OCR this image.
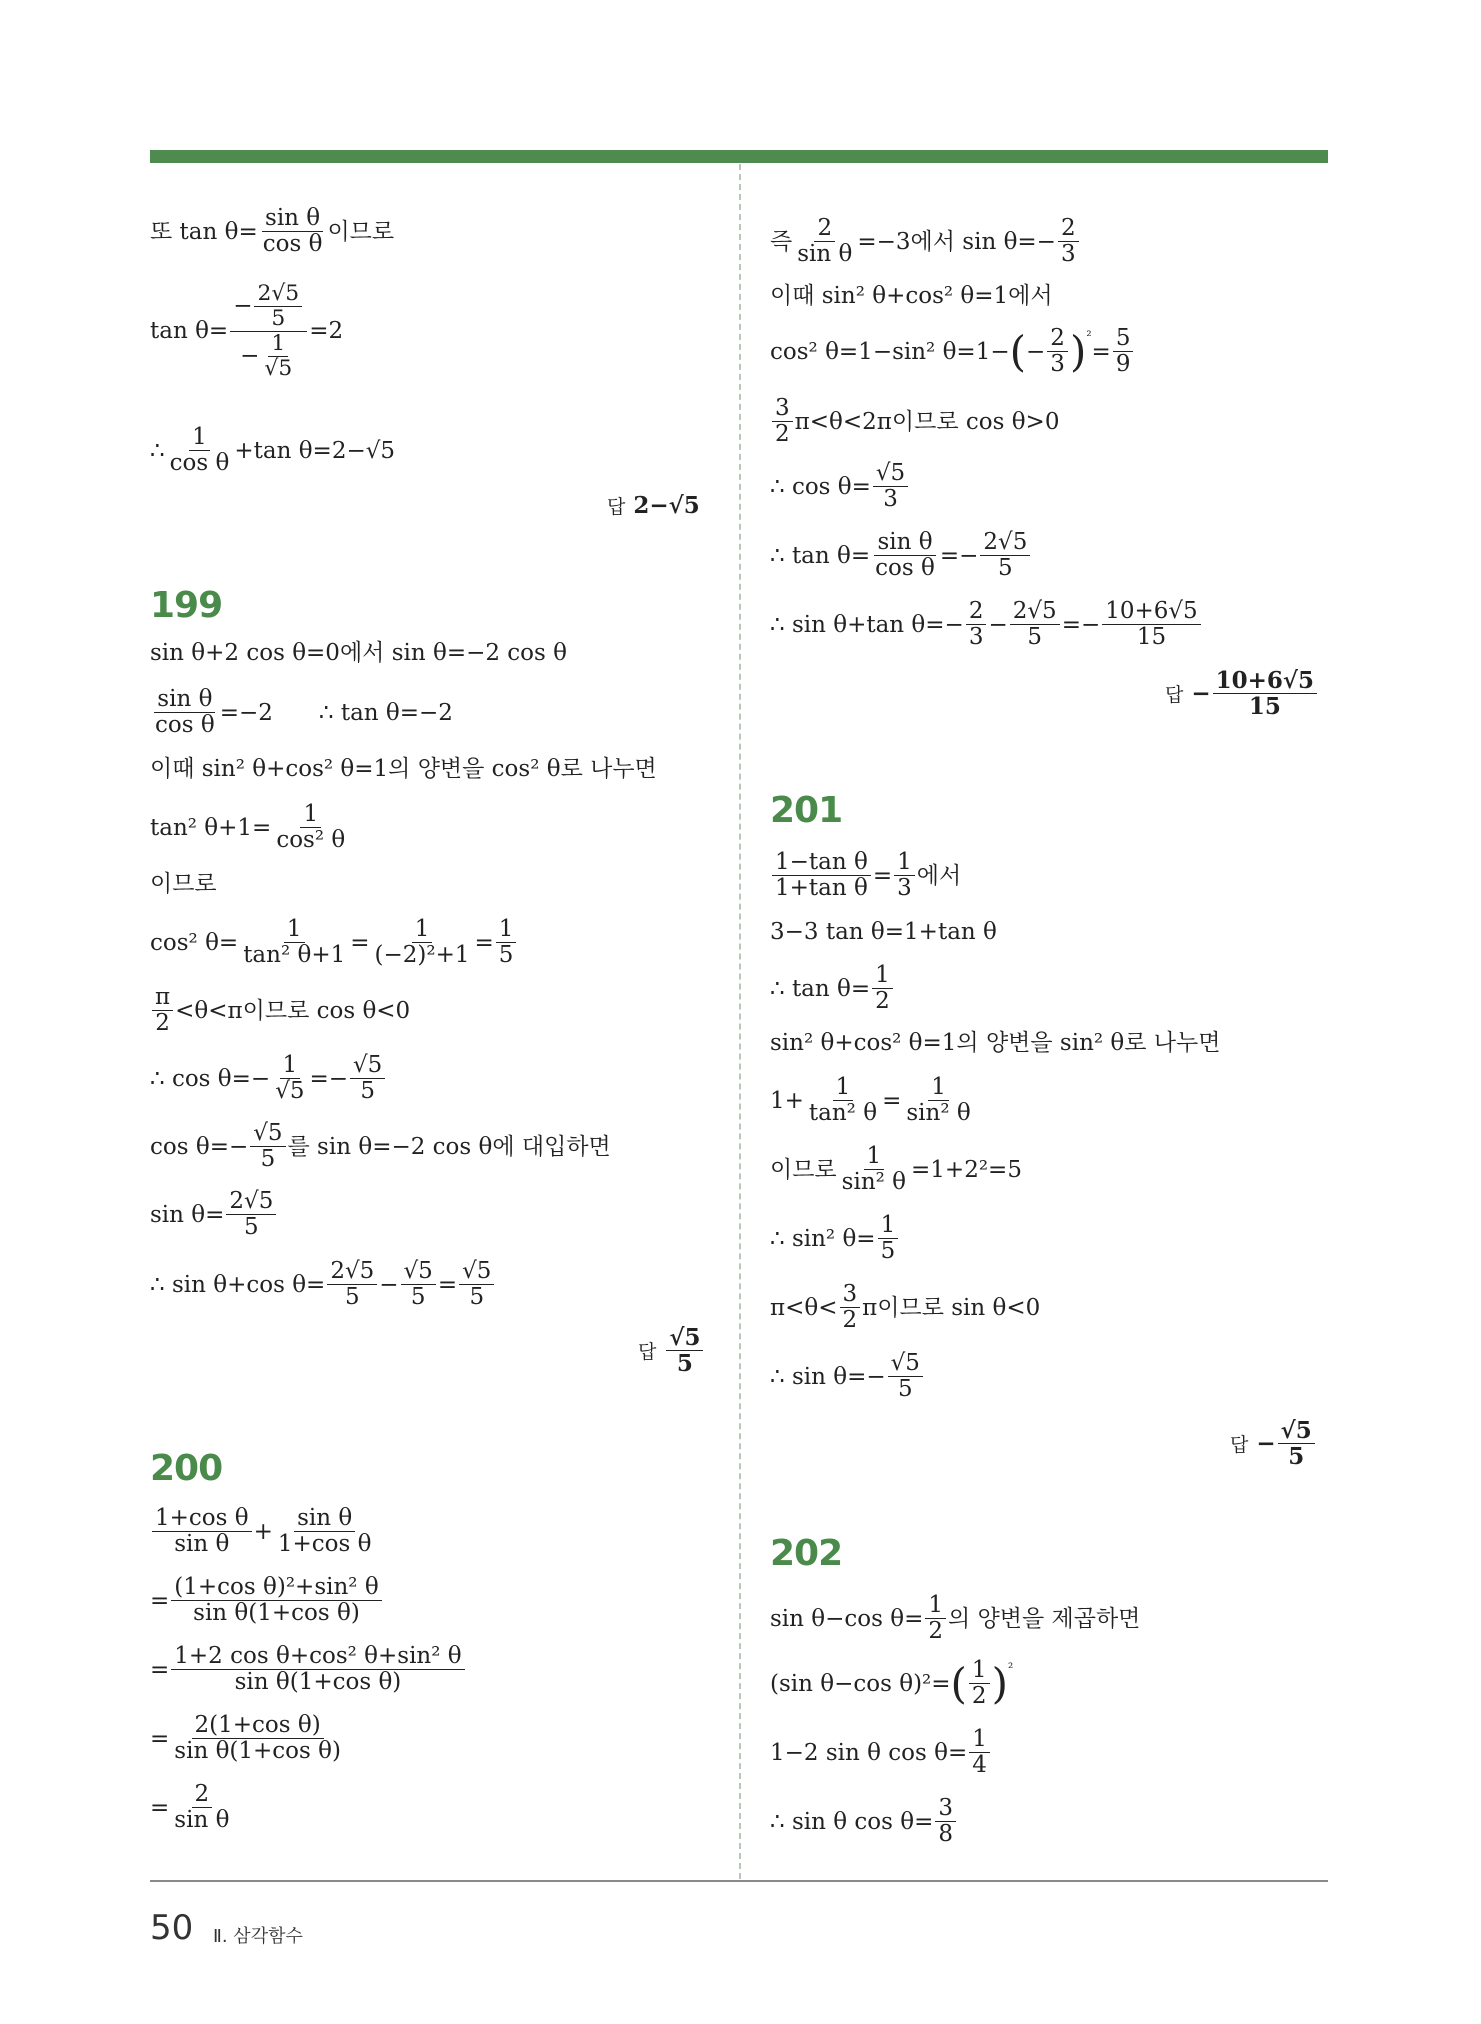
또 $\tan \theta= \frac{\text{sin θ}}{\text{cos θ}}$ 이므로
$\tan \theta= \frac{- \frac{2√5}{5}}{- \frac{1}{√5}} =2$
∴ $\frac{1}{\text{cos θ}} +\tan$ θ=2−√5
답 2−√5
199
sin θ+2 cos θ=0에서 sin θ=−2 cos θ
$\frac{\text{sin θ}}{\text{cos θ}} =-2$ ∴ tan θ=−2
이때 sin² θ+cos² θ=1의 양변을 cos² θ로 나누면
tan² $\theta+1= \frac{1}{\text{cos² θ}}$
이므로
cos² $\theta= \frac{1}{\text{tan² θ+1}} = \frac{1}{\text{(−2)²+1}} = \frac{1}{5}$
$\frac{\pi}{2} <\theta<\pi$이므로 cos θ<0
∴ $\cos \theta=- \frac{1}{√5} =- \frac{√5}{5}$
$\cos \theta=- \frac{√5}{5}$ 를 sin θ=−2 cos θ에 대입하면
$\sin \theta= \frac{2√5}{5}$
∴ sin θ+cos $\theta= \frac{2√5}{5} - \frac{√5}{5} = \frac{√5}{5}$
답 $\frac{√5}{5}$
200
$\frac{\text{1+cos θ}}{\text{sin θ}} + \frac{\text{sin θ}}{\text{1+cos θ}}$
= $\frac{\text{(1+cos θ)²+sin² θ}}{\text{sin θ(1+cos θ)}}$
= $\frac{\text{1+2 cos θ+cos² θ+sin² θ}}{\text{sin θ(1+cos θ)}}$
= $\frac{\text{2(1+cos θ)}}{\text{sin θ(1+cos θ)}}$
= $\frac{2}{\text{sin θ}}$
즉 $\frac{2}{\text{sin θ}} =-3$에서 $\sin \theta=- \frac{2}{3}$
이때 sin² θ+cos² θ=1에서
cos² θ=1−sin² θ=1− ( − $\frac{2}{3}$ ) ²
= $\frac{5}{9}$
$\frac{3}{2} \pi<\theta<2\pi$이므로 cos θ>0
∴ $\cos \theta= \frac{√5}{3}$
∴ $\tan \theta= \frac{\text{sin θ}}{\text{cos θ}} =- \frac{2√5}{5}$
∴ sin θ+tan $\theta=- \frac{2}{3} - \frac{2√5}{5} =- \frac{10+6√5}{15}$
답 − $\frac{10+6√5}{15}$
201
$\frac{\text{1−tan θ}}{\text{1+tan θ}} = \frac{1}{3}$ 에서
3−3 tan θ=1+tan θ
∴ $\tan \theta= \frac{1}{2}$
sin² θ+cos² θ=1의 양변을 sin² θ로 나누면
$1+ \frac{1}{\text{tan² θ}} = \frac{1}{\text{sin² θ}}$
이므로 $\frac{1}{\text{sin² θ}} =1+2^2=5$
∴ sin² $\theta= \frac{1}{5}$
$\pi<\theta< \frac{3}{2}$ π이므로 sin θ<0
∴ $\sin \theta=- \frac{√5}{5}$
답 − $\frac{√5}{5}$
202
sin θ−cos $\theta= \frac{1}{2}$ 의 양변을 제곱하면
(sin θ−cos θ)²= ( $\frac{1}{2}$ ) ²
1−2 sin θ $\cos \theta= \frac{1}{4}$
∴ sin θ $\cos \theta= \frac{3}{8}$
50 Ⅱ. 삼각함수
